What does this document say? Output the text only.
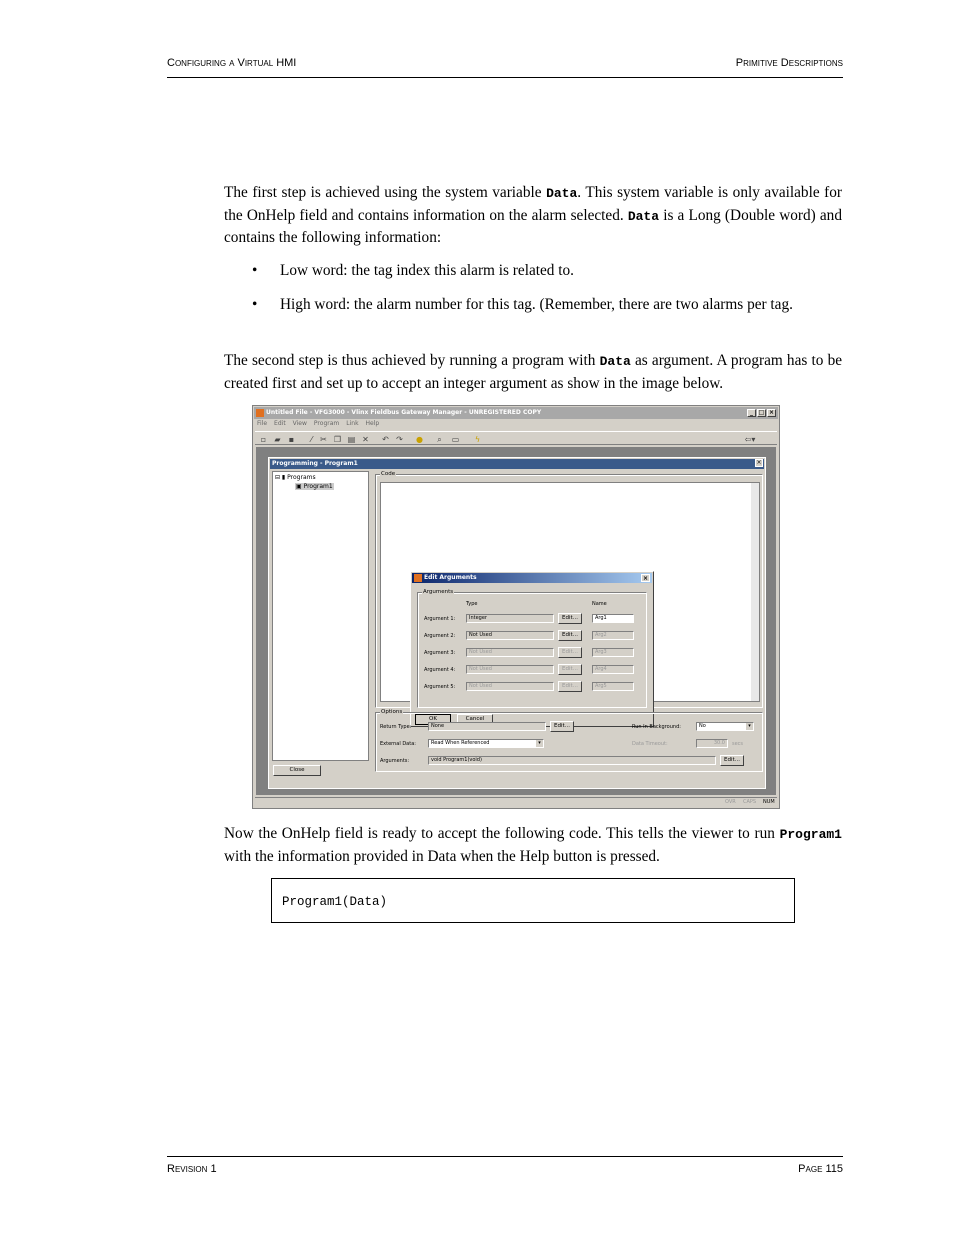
Configuring a Virtual HMI	Primitive Descriptions
The first step is achieved using the system variable Data. This system variable is only available for the OnHelp field and contains information on the alarm selected. Data is a Long (Double word) and contains the following information:
• Low word: the tag index this alarm is related to.
• High word: the alarm number for this tag. (Remember, there are two alarms per tag.
The second step is thus achieved by running a program with Data as argument. A program has to be created first and set up to accept an integer argument as show in the image below.
Untitled File - VFG3000 - Vlinx Fieldbus Gateway Manager - UNREGISTERED COPY	_ □ ×
File Edit View Program Link Help
▫ ▰ ▪	⁄ ✂ ❐ ▤ ✕ ↶ ↷ ● ⌕ ▭ ϟ	⇦▾
Programming - Program1	×
⊟ ▮ Programs
▣ Program1
Close
Code
Edit Arguments	×
Arguments
Type	Name
Argument 1:	Integer	Edit...	Arg1
Argument 2:	Not Used	Edit...	Arg2
Argument 3:	Not Used	Edit...	Arg3
Argument 4:	Not Used	Edit...	Arg4
Argument 5:	Not Used	Edit...	Arg5
OK	Cancel
Options
Return Type:	None	Edit...
External Data:	Read When Referenced	▾
Arguments:	void Program1(void)	Edit...
Run In Background:	No	▾
Data Timeout:	30.0	secs
OVR CAPS NUM
Now the OnHelp field is ready to accept the following code. This tells the viewer to run Program1 with the information provided in Data when the Help button is pressed.
Program1(Data)
Revision 1	Page 115
